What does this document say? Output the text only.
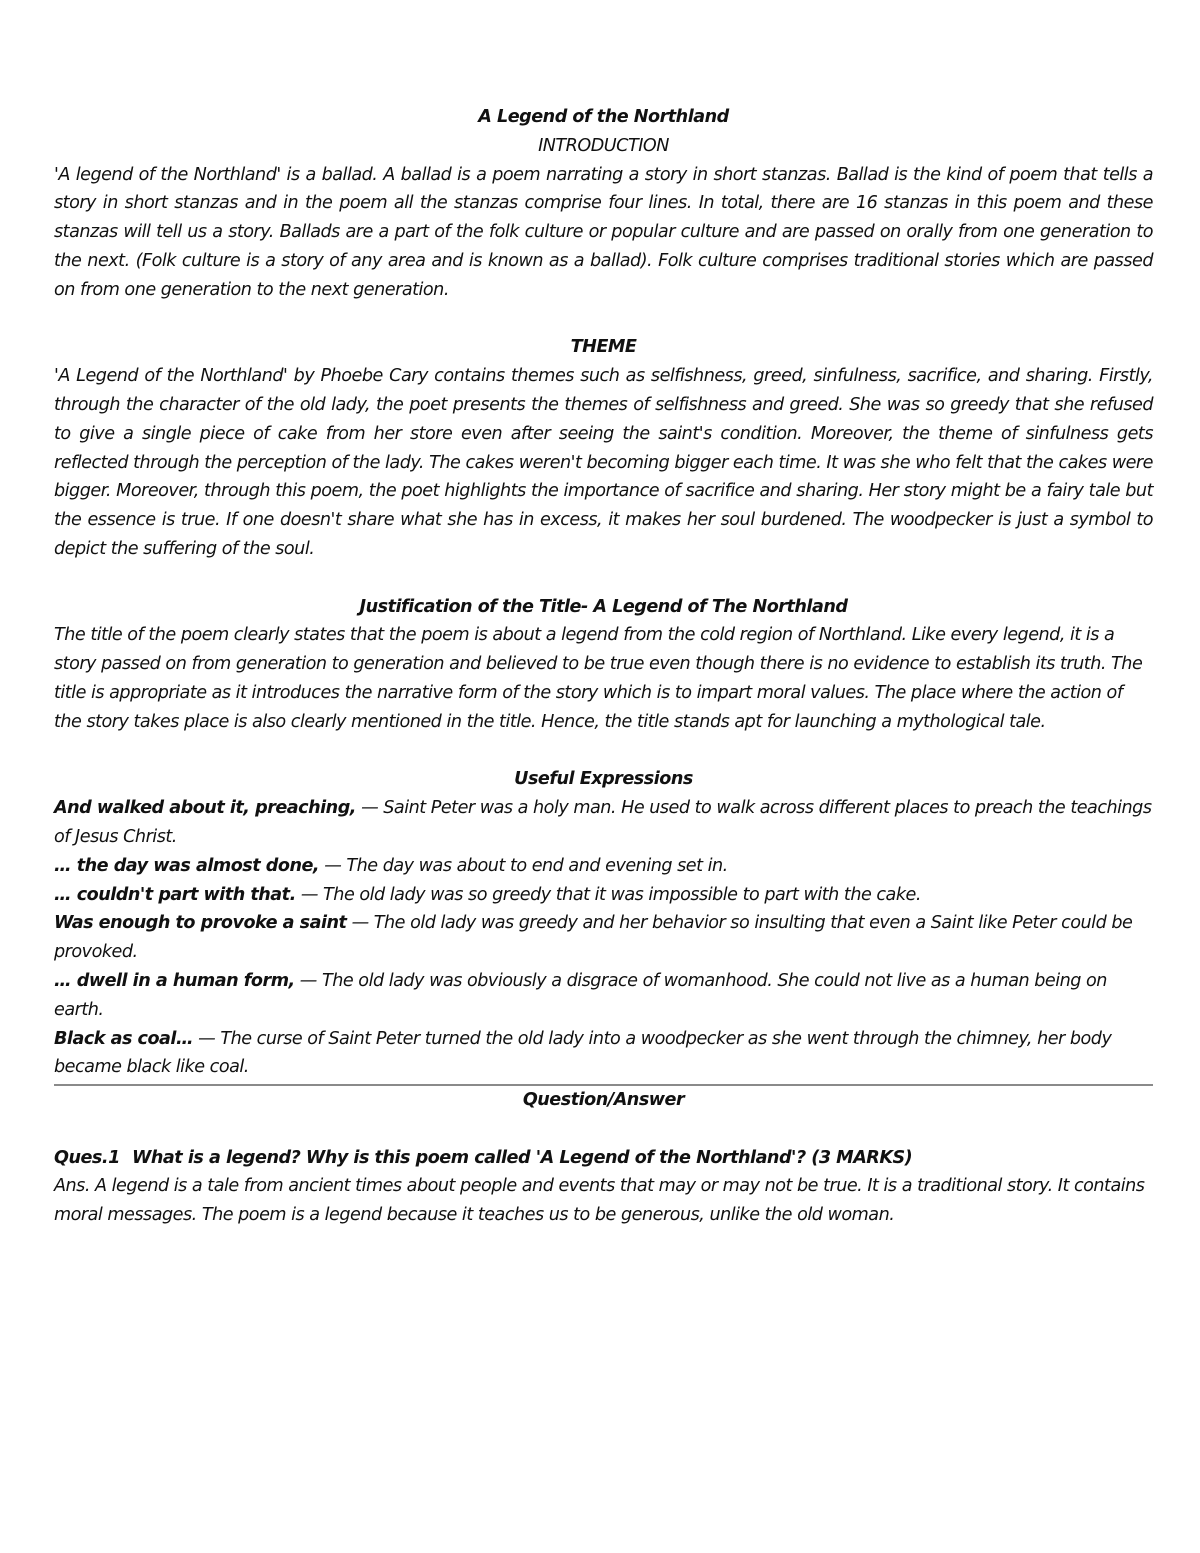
A Legend of the Northland

INTRODUCTION

'A legend of the Northland' is a ballad. A ballad is a poem narrating a story in short stanzas. Ballad is the kind of poem that tells a story in short stanzas and in the poem all the stanzas comprise four lines. In total, there are 16 stanzas in this poem and these stanzas will tell us a story. Ballads are a part of the folk culture or popular culture and are passed on orally from one generation to the next. (Folk culture is a story of any area and is known as a ballad). Folk culture comprises traditional stories which are passed on from one generation to the next generation.

THEME

'A Legend of the Northland' by Phoebe Cary contains themes such as selfishness, greed, sinfulness, sacrifice, and sharing. Firstly, through the character of the old lady, the poet presents the themes of selfishness and greed. She was so greedy that she refused to give a single piece of cake from her store even after seeing the saint's condition. Moreover, the theme of sinfulness gets reflected through the perception of the lady. The cakes weren't becoming bigger each time. It was she who felt that the cakes were bigger. Moreover, through this poem, the poet highlights the importance of sacrifice and sharing. Her story might be a fairy tale but the essence is true. If one doesn't share what she has in excess, it makes her soul burdened. The woodpecker is just a symbol to depict the suffering of the soul.

Justification of the Title- A Legend of The Northland

The title of the poem clearly states that the poem is about a legend from the cold region of Northland. Like every legend, it is a story passed on from generation to generation and believed to be true even though there is no evidence to establish its truth. The title is appropriate as it introduces the narrative form of the story which is to impart moral values. The place where the action of the story takes place is also clearly mentioned in the title. Hence, the title stands apt for launching a mythological tale.

Useful Expressions

And walked about it, preaching, — Saint Peter was a holy man. He used to walk across different places to preach the teachings of Jesus Christ.

… the day was almost done, — The day was about to end and evening set in.

… couldn't part with that. — The old lady was so greedy that it was impossible to part with the cake.

Was enough to provoke a saint — The old lady was greedy and her behavior so insulting that even a Saint like Peter could be provoked.

… dwell in a human form, — The old lady was obviously a disgrace of womanhood. She could not live as a human being on earth.

Black as coal… — The curse of Saint Peter turned the old lady into a woodpecker as she went through the chimney, her body became black like coal.

Question/Answer

Ques.1 What is a legend? Why is this poem called 'A Legend of the Northland'? (3 MARKS)

Ans. A legend is a tale from ancient times about people and events that may or may not be true. It is a traditional story. It contains moral messages. The poem is a legend because it teaches us to be generous, unlike the old woman.
